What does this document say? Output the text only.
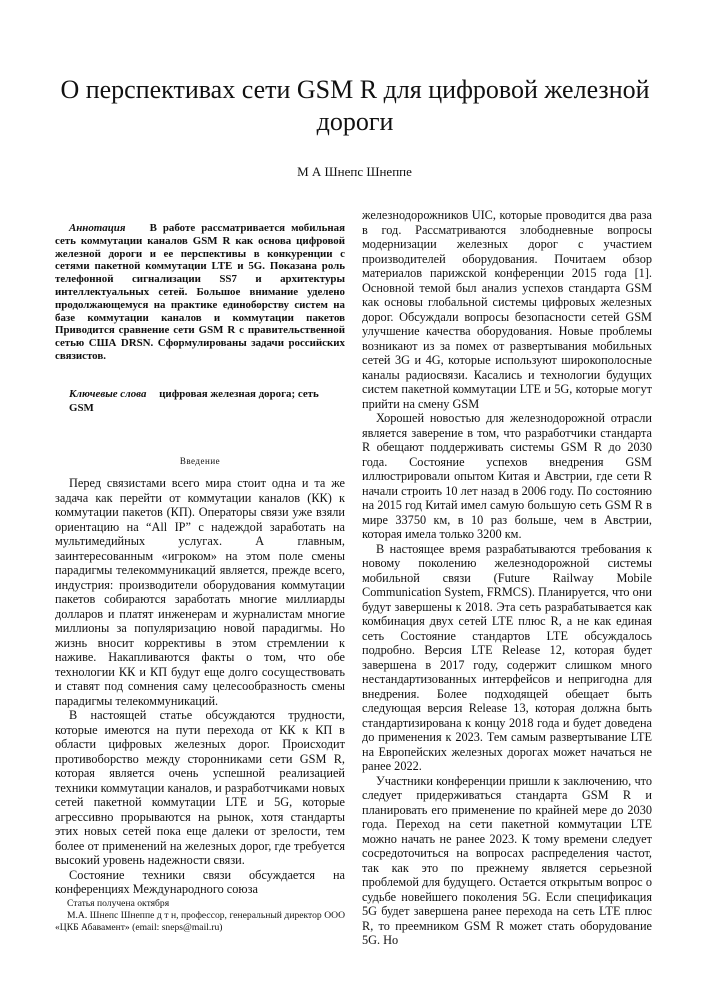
О перспективах сети GSM R для цифровой железной дороги
М А Шнепс Шнеппе

Аннотация В работе рассматривается мобильная сеть коммутации каналов GSM R как основа цифровой железной дороги и ее перспективы в конкуренции с сетями пакетной коммутации LTE и 5G. Показана роль телефонной сигнализации SS7 и архитектуры интеллектуальных сетей. Большое внимание уделено продолжающемуся на практике единоборству систем на базе коммутации каналов и коммутации пакетов Приводится сравнение сети GSM R с правительственной сетью США DRSN. Сформулированы задачи российских связистов.

Ключевые слова цифровая железная дорога; сеть GSM
Введение

Перед связистами всего мира стоит одна и та же задача как перейти от коммутации каналов (КК) к коммутации пакетов (КП). Операторы связи уже взяли ориентацию на “All IP” с надеждой заработать на мультимедийных услугах. А главным, заинтересованным «игроком» на этом поле смены парадигмы телекоммуникаций является, прежде всего, индустрия: производители оборудования коммутации пакетов собираются заработать многие миллиарды долларов и платят инженерам и журналистам многие миллионы за популяризацию новой парадигмы. Но жизнь вносит коррективы в этом стремлении к наживе. Накапливаются факты о том, что обе технологии КК и КП будут еще долго сосуществовать и ставят под сомнения саму целесообразность смены парадигмы телекоммуникаций.

В настоящей статье обсуждаются трудности, которые имеются на пути перехода от КК к КП в области цифровых железных дорог. Происходит противоборство между сторонниками сети GSM R, которая является очень успешной реализацией техники коммутации каналов, и разработчиками новых сетей пакетной коммутации LTE и 5G, которые агрессивно прорываются на рынок, хотя стандарты этих новых сетей пока еще далеки от зрелости, тем более от применений на железных дорог, где требуется высокий уровень надежности связи.

Состояние техники связи обсуждается на конференциях Международного союза

железнодорожников UIC, которые проводится два раза в год. Рассматриваются злободневные вопросы модернизации железных дорог с участием производителей оборудования. Почитаем обзор материалов парижской конференции 2015 года [1]. Основной темой был анализ успехов стандарта GSM как основы глобальной системы цифровых железных дорог. Обсуждали вопросы безопасности сетей GSM улучшение качества оборудования. Новые проблемы возникают из за помех от развертывания мобильных сетей 3G и 4G, которые используют широкополосные каналы радиосвязи. Касались и технологии будущих систем пакетной коммутации LTE и 5G, которые могут прийти на смену GSM

Хорошей новостью для железнодорожной отрасли является заверение в том, что разработчики стандарта R обещают поддерживать системы GSM R до 2030 года. Состояние успехов внедрения GSM иллюстрировали опытом Китая и Австрии, где сети R начали строить 10 лет назад в 2006 году. По состоянию на 2015 год Китай имел самую большую сеть GSM R в мире 33750 км, в 10 раз больше, чем в Австрии, которая имела только 3200 км.

В настоящее время разрабатываются требования к новому поколению железнодорожной системы мобильной связи (Future Railway Mobile Communication System, FRMCS). Планируется, что они будут завершены к 2018. Эта сеть разрабатывается как комбинация двух сетей LTE плюс R, а не как единая сеть Состояние стандартов LTE обсуждалось подробно. Версия LTE Release 12, которая будет завершена в 2017 году, содержит слишком много нестандартизованных интерфейсов и непригодна для внедрения. Более подходящей обещает быть следующая версия Release 13, которая должна быть стандартизирована к концу 2018 года и будет доведена до применения к 2023. Тем самым развертывание LTE на Европейских железных дорогах может начаться не ранее 2022.

Участники конференции пришли к заключению, что следует придерживаться стандарта GSM R и планировать его применение по крайней мере до 2030 года. Переход на сети пакетной коммутации LTE можно начать не ранее 2023. К тому времени следует сосредоточиться на вопросах распределения частот, так как это по прежнему является серьезной проблемой для будущего. Остается открытым вопрос о судьбе новейшего поколения 5G. Если спецификация 5G будет завершена ранее перехода на сеть LTE плюс R, то преемником GSM R может стать оборудование 5G. Но

Статья получена октября

М.А. Шнепс Шнеппе д т н, профессор, генеральный директор ООО «ЦКБ Абавамент» (email: sneps@mail.ru)
